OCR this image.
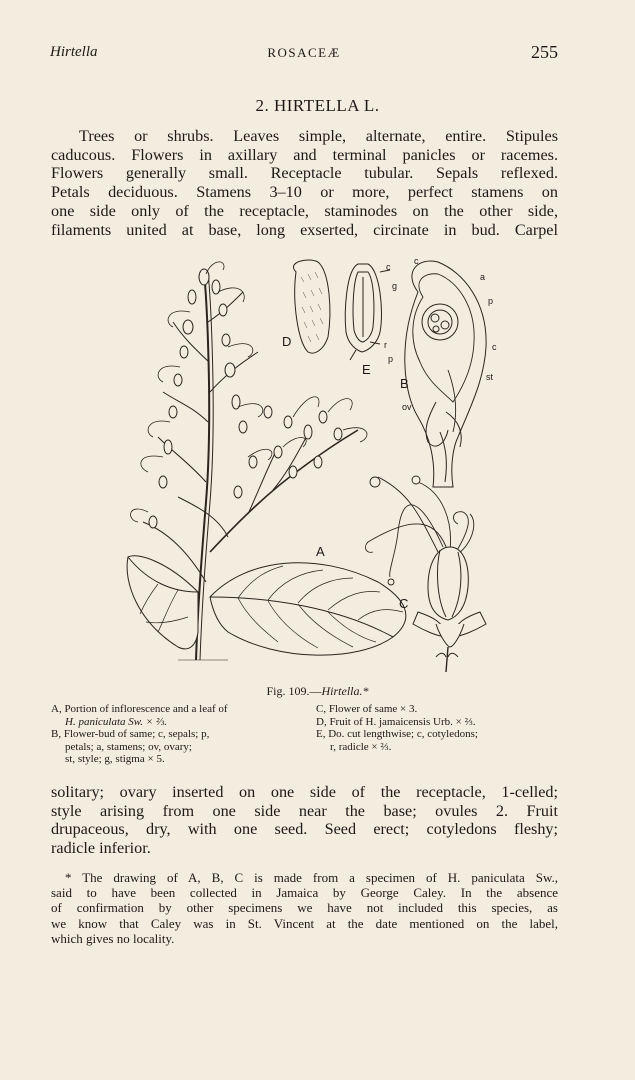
Hirtella	ROSACEÆ	255
2. HIRTELLA L.
Trees or shrubs. Leaves simple, alternate, entire. Stipules
caducous. Flowers in axillary and terminal panicles or racemes.
Flowers generally small. Receptacle tubular. Sepals reflexed.
Petals deciduous. Stamens 3–10 or more, perfect stamens on
one side only of the receptacle, staminodes on the other side,
filaments united at base, long exserted, circinate in bud. Carpel
A
B
C
D
E
c
c
g
a
p
c
st
ov
r
p
Fig. 109.—Hirtella.*
A, Portion of inflorescence and a leaf of
H. paniculata Sw. × ⅔.
B, Flower-bud of same; c, sepals; p,
petals; a, stamens; ov, ovary;
st, style; g, stigma × 5.
C, Flower of same × 3.
D, Fruit of H. jamaicensis Urb. × ⅔.
E, Do. cut lengthwise; c, cotyledons;
r, radicle × ⅔.
solitary; ovary inserted on one side of the receptacle, 1-celled;
style arising from one side near the base; ovules 2. Fruit
drupaceous, dry, with one seed. Seed erect; cotyledons fleshy;
radicle inferior.
* The drawing of A, B, C is made from a specimen of H. paniculata Sw.,
said to have been collected in Jamaica by George Caley. In the absence
of confirmation by other specimens we have not included this species, as
we know that Caley was in St. Vincent at the date mentioned on the label,
which gives no locality.
